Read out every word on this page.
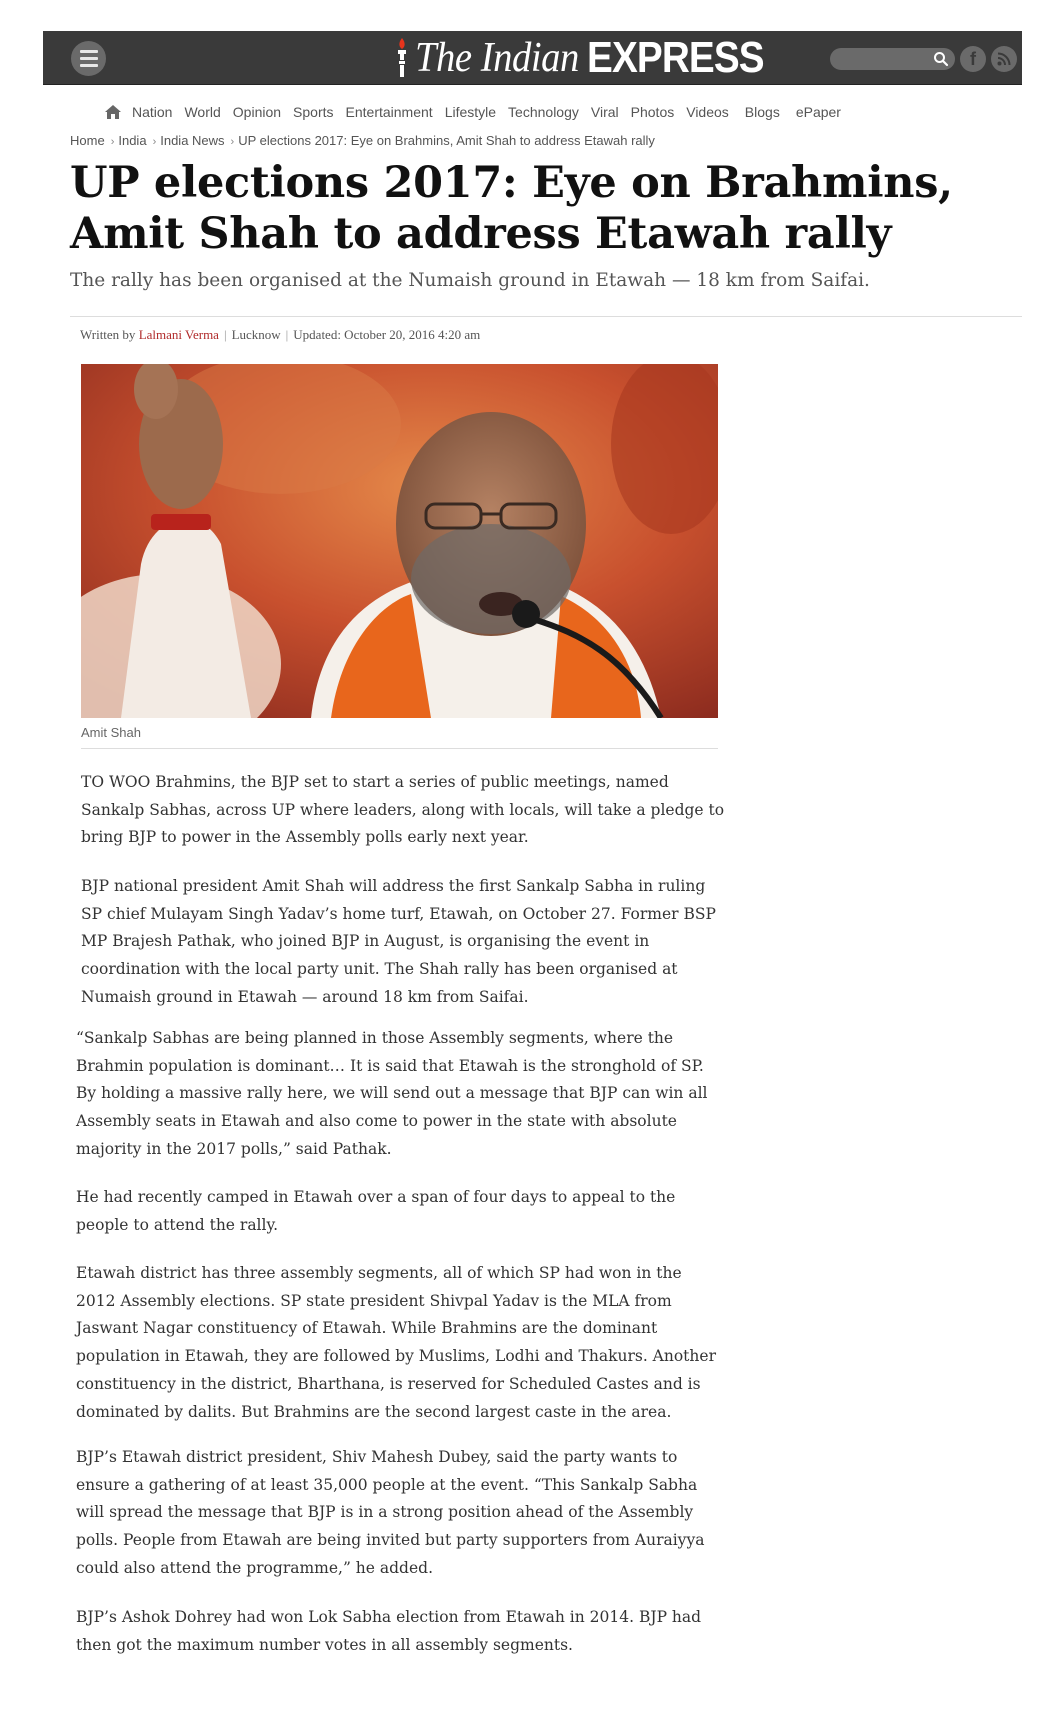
The Indian EXPRESS	f
Nation World Opinion Sports Entertainment Lifestyle Technology Viral Photos Videos Blogs ePaper
Home › India › India News › UP elections 2017: Eye on Brahmins, Amit Shah to address Etawah rally
UP elections 2017: Eye on Brahmins, Amit Shah to address Etawah rally
The rally has been organised at the Numaish ground in Etawah — 18 km from Saifai.
Written by Lalmani Verma | Lucknow | Updated: October 20, 2016 4:20 am
Amit Shah

TO WOO Brahmins, the BJP set to start a series of public meetings, named Sankalp Sabhas, across UP where leaders, along with locals, will take a pledge to bring BJP to power in the Assembly polls early next year.

BJP national president Amit Shah will address the first Sankalp Sabha in ruling SP chief Mulayam Singh Yadav’s home turf, Etawah, on October 27. Former BSP MP Brajesh Pathak, who joined BJP in August, is organising the event in coordination with the local party unit. The Shah rally has been organised at Numaish ground in Etawah — around 18 km from Saifai.

“Sankalp Sabhas are being planned in those Assembly segments, where the Brahmin population is dominant… It is said that Etawah is the stronghold of SP. By holding a massive rally here, we will send out a message that BJP can win all Assembly seats in Etawah and also come to power in the state with absolute majority in the 2017 polls,” said Pathak.

He had recently camped in Etawah over a span of four days to appeal to the people to attend the rally.

Etawah district has three assembly segments, all of which SP had won in the 2012 Assembly elections. SP state president Shivpal Yadav is the MLA from Jaswant Nagar constituency of Etawah. While Brahmins are the dominant population in Etawah, they are followed by Muslims, Lodhi and Thakurs. Another constituency in the district, Bharthana, is reserved for Scheduled Castes and is dominated by dalits. But Brahmins are the second largest caste in the area.

BJP’s Etawah district president, Shiv Mahesh Dubey, said the party wants to ensure a gathering of at least 35,000 people at the event. “This Sankalp Sabha will spread the message that BJP is in a strong position ahead of the Assembly polls. People from Etawah are being invited but party supporters from Auraiyya could also attend the programme,” he added.

BJP’s Ashok Dohrey had won Lok Sabha election from Etawah in 2014. BJP had then got the maximum number votes in all assembly segments.
